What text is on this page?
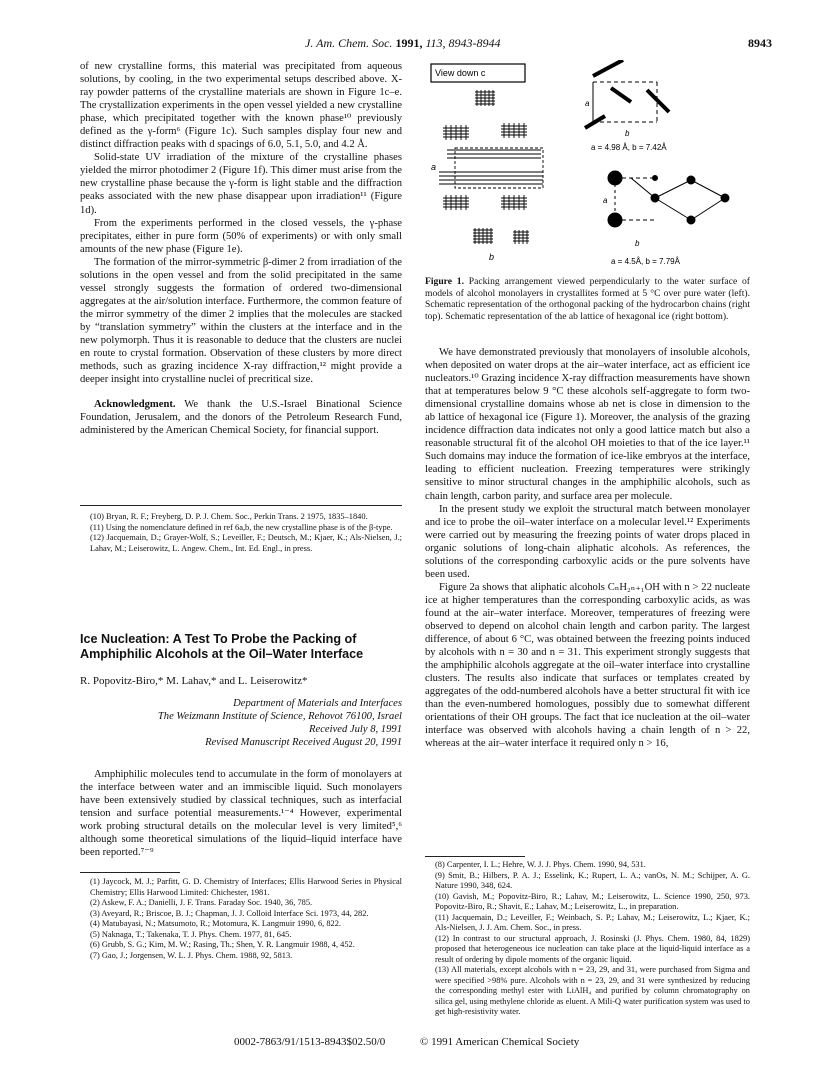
J. Am. Chem. Soc. 1991, 113, 8943-8944	8943

of new crystalline forms, this material was precipitated from aqueous solutions, by cooling, in the two experimental setups described above. X-ray powder patterns of the crystalline materials are shown in Figure 1c–e. The crystallization experiments in the open vessel yielded a new crystalline phase, which precipitated together with the known phase¹⁰ previously defined as the γ-form⁶ (Figure 1c). Such samples display four new and distinct diffraction peaks with d spacings of 6.0, 5.1, 5.0, and 4.2 Å.

Solid-state UV irradiation of the mixture of the crystalline phases yielded the mirror photodimer 2 (Figure 1f). This dimer must arise from the new crystalline phase because the γ-form is light stable and the diffraction peaks associated with the new phase disappear upon irradiation¹¹ (Figure 1d).

From the experiments performed in the closed vessels, the γ-phase precipitates, either in pure form (50% of experiments) or with only small amounts of the new phase (Figure 1e).

The formation of the mirror-symmetric β-dimer 2 from irradiation of the solutions in the open vessel and from the solid precipitated in the same vessel strongly suggests the formation of ordered two-dimensional aggregates at the air/solution interface. Furthermore, the common feature of the mirror symmetry of the dimer 2 implies that the molecules are stacked by “translation symmetry” within the clusters at the interface and in the new polymorph. Thus it is reasonable to deduce that the clusters are nuclei en route to crystal formation. Observation of these clusters by more direct methods, such as grazing incidence X-ray diffraction,¹² might provide a deeper insight into crystalline nuclei of precritical size.

Acknowledgment. We thank the U.S.-Israel Binational Science Foundation, Jerusalem, and the donors of the Petroleum Research Fund, administered by the American Chemical Society, for financial support.

(10) Bryan, R. F.; Freyberg, D. P. J. Chem. Soc., Perkin Trans. 2 1975, 1835–1840.

(11) Using the nomenclature defined in ref 6a,b, the new crystalline phase is of the β-type.

(12) Jacquemain, D.; Grayer-Wolf, S.; Leveiller, F.; Deutsch, M.; Kjaer, K.; Als-Nielsen, J.; Lahav, M.; Leiserowitz, L. Angew. Chem., Int. Ed. Engl., in press.

Ice Nucleation: A Test To Probe the Packing of Amphiphilic Alcohols at the Oil–Water Interface
R. Popovitz-Biro,* M. Lahav,* and L. Leiserowitz*
Department of Materials and Interfaces
The Weizmann Institute of Science, Rehovot 76100, Israel
Received July 8, 1991
Revised Manuscript Received August 20, 1991

Amphiphilic molecules tend to accumulate in the form of monolayers at the interface between water and an immiscible liquid. Such monolayers have been extensively studied by classical techniques, such as interfacial tension and surface potential measurements.¹⁻⁴ However, experimental work probing structural details on the molecular level is very limited⁵,⁶ although some theoretical simulations of the liquid–liquid interface have been reported.⁷⁻⁹

(1) Jaycock, M. J.; Parfitt, G. D. Chemistry of Interfaces; Ellis Harwood Series in Physical Chemistry; Ellis Harwood Limited: Chichester, 1981.

(2) Askew, F. A.; Danielli, J. F. Trans. Faraday Soc. 1940, 36, 785.

(3) Aveyard, R.; Briscoe, B. J.; Chapman, J. J. Colloid Interface Sci. 1973, 44, 282.

(4) Matubayasi, N.; Matsumoto, R.; Motomura, K. Langmuir 1990, 6, 822.

(5) Naknaga, T.; Takenaka, T. J. Phys. Chem. 1977, 81, 645.

(6) Grubb, S. G.; Kim, M. W.; Rasing, Th.; Shen, Y. R. Langmuir 1988, 4, 452.

(7) Gao, J.; Jorgensen, W. L. J. Phys. Chem. 1988, 92, 5813.

View down c
a
b
a
b
a = 4.98 Å, b = 7.42Å
a
b
a = 4.5Å, b = 7.79Å
Figure 1. Packing arrangement viewed perpendicularly to the water surface of models of alcohol monolayers in crystallites formed at 5 °C over pure water (left). Schematic representation of the orthogonal packing of the hydrocarbon chains (right top). Schematic representation of the ab lattice of hexagonal ice (right bottom).

We have demonstrated previously that monolayers of insoluble alcohols, when deposited on water drops at the air–water interface, act as efficient ice nucleators.¹⁰ Grazing incidence X-ray diffraction measurements have shown that at temperatures below 9 °C these alcohols self-aggregate to form two-dimensional crystalline domains whose ab net is close in dimension to the ab lattice of hexagonal ice (Figure 1). Moreover, the analysis of the grazing incidence diffraction data indicates not only a good lattice match but also a reasonable structural fit of the alcohol OH moieties to that of the ice layer.¹¹ Such domains may induce the formation of ice-like embryos at the interface, leading to efficient nucleation. Freezing temperatures were strikingly sensitive to minor structural changes in the amphiphilic alcohols, such as chain length, carbon parity, and surface area per molecule.

In the present study we exploit the structural match between monolayer and ice to probe the oil–water interface on a molecular level.¹² Experiments were carried out by measuring the freezing points of water drops placed in organic solutions of long-chain aliphatic alcohols. As references, the solutions of the corresponding carboxylic acids or the pure solvents have been used.

Figure 2a shows that aliphatic alcohols CₙH₂ₙ₊₁OH with n > 22 nucleate ice at higher temperatures than the corresponding carboxylic acids, as was found at the air–water interface. Moreover, temperatures of freezing were observed to depend on alcohol chain length and carbon parity. The largest difference, of about 6 °C, was obtained between the freezing points induced by alcohols with n = 30 and n = 31. This experiment strongly suggests that the amphiphilic alcohols aggregate at the oil–water interface into crystalline clusters. The results also indicate that surfaces or templates created by aggregates of the odd-numbered alcohols have a better structural fit with ice than the even-numbered homologues, possibly due to somewhat different orientations of their OH groups. The fact that ice nucleation at the oil–water interface was observed with alcohols having a chain length of n > 22, whereas at the air–water interface it required only n > 16,

(8) Carpenter, I. L.; Hehre, W. J. J. Phys. Chem. 1990, 94, 531.

(9) Smit, B.; Hilbers, P. A. J.; Esselink, K.; Rupert, L. A.; vanOs, N. M.; Schijper, A. G. Nature 1990, 348, 624.

(10) Gavish, M.; Popovitz-Biro, R.; Lahav, M.; Leiserowitz, L. Science 1990, 250, 973. Popovitz-Biro, R.; Shavit, E.; Lahav, M.; Leiserowitz, L., in preparation.

(11) Jacquemain, D.; Leveiller, F.; Weinbach, S. P.; Lahav, M.; Leiserowitz, L.; Kjaer, K.; Als-Nielsen, J. J. Am. Chem. Soc., in press.

(12) In contrast to our structural approach, J. Rosinski (J. Phys. Chem. 1980, 84, 1829) proposed that heterogeneous ice nucleation can take place at the liquid-liquid interface as a result of ordering by dipole moments of the organic liquid.

(13) All materials, except alcohols with n = 23, 29, and 31, were purchased from Sigma and were specified >98% pure. Alcohols with n = 23, 29, and 31 were synthesized by reducing the corresponding methyl ester with LiAlH₄ and purified by column chromatography on silica gel, using methylene chloride as eluent. A Mili-Q water purification system was used to get high-resistivity water.

0002-7863/91/1513-8943$02.50/0	© 1991 American Chemical Society
